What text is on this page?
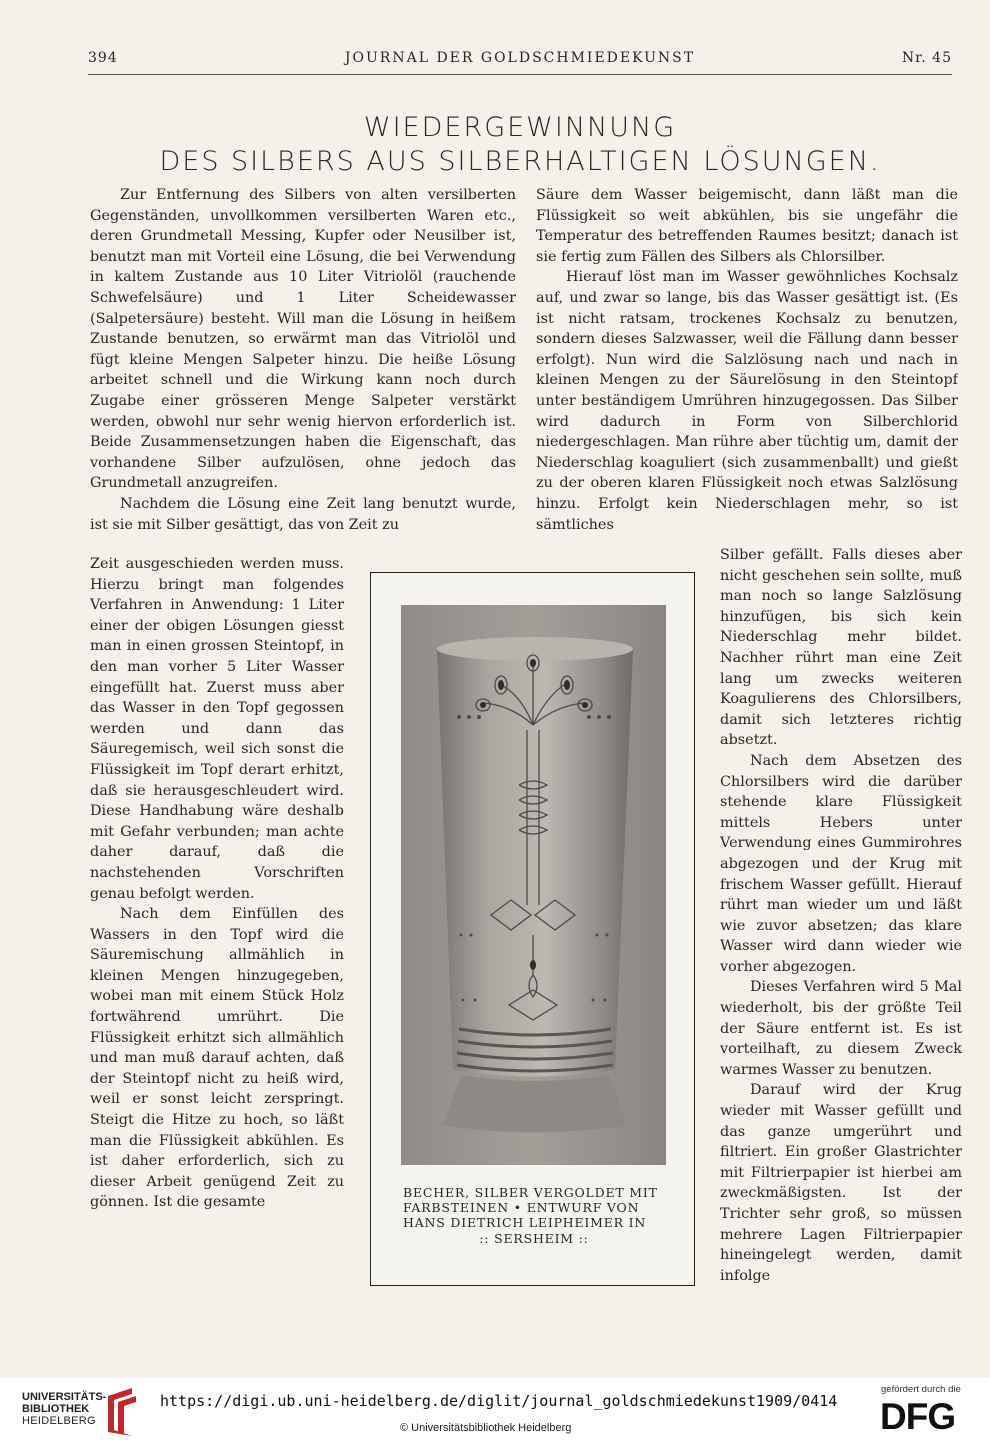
394	JOURNAL DER GOLDSCHMIEDEKUNST	Nr. 45
WIEDERGEWINNUNG
DES SILBERS AUS SILBERHALTIGEN LÖSUNGEN.

Zur Entfernung des Silbers von alten versilberten Gegenständen, unvollkommen versilberten Waren etc., deren Grundmetall Messing, Kupfer oder Neusilber ist, benutzt man mit Vorteil eine Lösung, die bei Verwendung in kaltem Zustande aus 10 Liter Vitriolöl (rauchende Schwefelsäure) und 1 Liter Scheidewasser (Salpetersäure) besteht. Will man die Lösung in heißem Zustande benutzen, so erwärmt man das Vitriolöl und fügt kleine Mengen Salpeter hinzu. Die heiße Lösung arbeitet schnell und die Wirkung kann noch durch Zugabe einer grösseren Menge Salpeter verstärkt werden, obwohl nur sehr wenig hiervon erforderlich ist. Beide Zusammensetzungen haben die Eigenschaft, das vorhandene Silber aufzulösen, ohne jedoch das Grundmetall anzugreifen.

Nachdem die Lösung eine Zeit lang benutzt wurde, ist sie mit Silber gesättigt, das von Zeit zu

Zeit ausgeschieden werden muss. Hierzu bringt man folgendes Verfahren in Anwendung: 1 Liter einer der obigen Lösungen giesst man in einen grossen Steintopf, in den man vorher 5 Liter Wasser eingefüllt hat. Zuerst muss aber das Wasser in den Topf gegossen werden und dann das Säuregemisch, weil sich sonst die Flüssigkeit im Topf derart erhitzt, daß sie herausgeschleudert wird. Diese Handhabung wäre deshalb mit Gefahr verbunden; man achte daher darauf, daß die nachstehenden Vorschriften genau befolgt werden.

Nach dem Einfüllen des Wassers in den Topf wird die Säuremischung allmählich in kleinen Mengen hinzugegeben, wobei man mit einem Stück Holz fortwährend umrührt. Die Flüssigkeit erhitzt sich allmählich und man muß darauf achten, daß der Steintopf nicht zu heiß wird, weil er sonst leicht zerspringt. Steigt die Hitze zu hoch, so läßt man die Flüssigkeit abkühlen. Es ist daher erforderlich, sich zu dieser Arbeit genügend Zeit zu gönnen. Ist die gesamte

Säure dem Wasser beigemischt, dann läßt man die Flüssigkeit so weit abkühlen, bis sie ungefähr die Temperatur des betreffenden Raumes besitzt; danach ist sie fertig zum Fällen des Silbers als Chlorsilber.

Hierauf löst man im Wasser gewöhnliches Kochsalz auf, und zwar so lange, bis das Wasser gesättigt ist. (Es ist nicht ratsam, trockenes Kochsalz zu benutzen, sondern dieses Salzwasser, weil die Fällung dann besser erfolgt). Nun wird die Salzlösung nach und nach in kleinen Mengen zu der Säurelösung in den Steintopf unter beständigem Umrühren hinzugegossen. Das Silber wird dadurch in Form von Silberchlorid niedergeschlagen. Man rühre aber tüchtig um, damit der Niederschlag koaguliert (sich zusammenballt) und gießt zu der oberen klaren Flüssigkeit noch etwas Salzlösung hinzu. Erfolgt kein Niederschlagen mehr, so ist sämtliches

Silber gefällt. Falls dieses aber nicht geschehen sein sollte, muß man noch so lange Salzlösung hinzufügen, bis sich kein Niederschlag mehr bildet. Nachher rührt man eine Zeit lang um zwecks weiteren Koagulierens des Chlorsilbers, damit sich letzteres richtig absetzt.

Nach dem Absetzen des Chlorsilbers wird die darüber stehende klare Flüssigkeit mittels Hebers unter Verwendung eines Gummirohres abgezogen und der Krug mit frischem Wasser gefüllt. Hierauf rührt man wieder um und läßt wie zuvor absetzen; das klare Wasser wird dann wieder wie vorher abgezogen.

Dieses Verfahren wird 5 Mal wiederholt, bis der größte Teil der Säure entfernt ist. Es ist vorteilhaft, zu diesem Zweck warmes Wasser zu benutzen.

Darauf wird der Krug wieder mit Wasser gefüllt und das ganze umgerührt und filtriert. Ein großer Glastrichter mit Filtrierpapier ist hierbei am zweckmäßigsten. Ist der Trichter sehr groß, so müssen mehrere Lagen Filtrierpapier hineingelegt werden, damit infolge

BECHER, SILBER VERGOLDET MIT
FARBSTEINEN • ENTWURF VON
HANS DIETRICH LEIPHEIMER IN
:: SERSHEIM ::
UNIVERSITÄTS-
BIBLIOTHEK
HEIDELBERG
https://digi.ub.uni-heidelberg.de/diglit/journal_goldschmiedekunst1909/0414
© Universitätsbibliothek Heidelberg
gefördert durch die
DFG
